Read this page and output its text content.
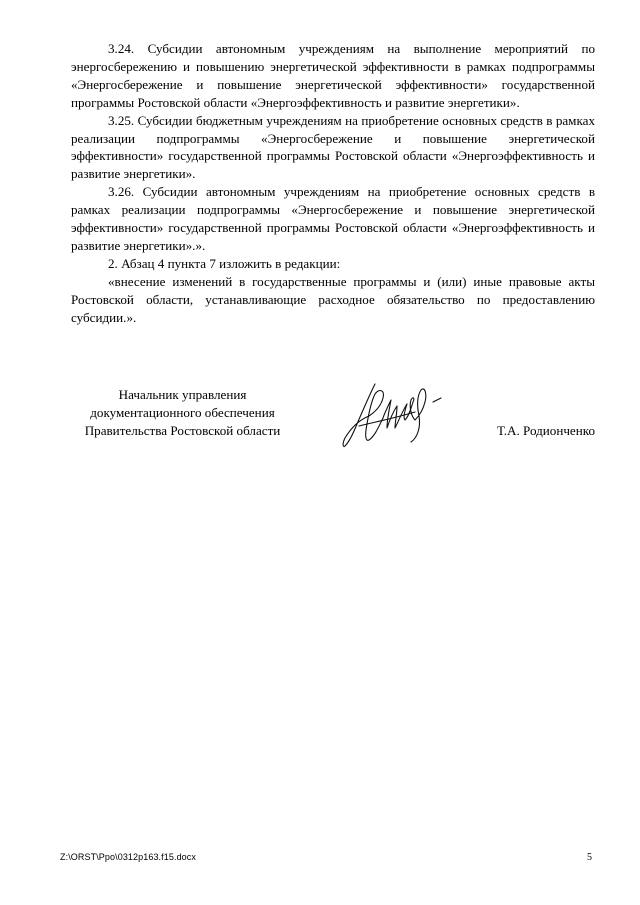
3.24. Субсидии автономным учреждениям на выполнение мероприятий по энергосбережению и повышению энергетической эффективности в рамках подпрограммы «Энергосбережение и повышение энергетической эффективности» государственной программы Ростовской области «Энергоэффективность и развитие энергетики».

3.25. Субсидии бюджетным учреждениям на приобретение основных средств в рамках реализации подпрограммы «Энергосбережение и повышение энергетической эффективности» государственной программы Ростовской области «Энергоэффективность и развитие энергетики».

3.26. Субсидии автономным учреждениям на приобретение основных средств в рамках реализации подпрограммы «Энергосбережение и повышение энергетической эффективности» государственной программы Ростовской области «Энергоэффективность и развитие энергетики».».

2. Абзац 4 пункта 7 изложить в редакции:

«внесение изменений в государственные программы и (или) иные правовые акты Ростовской области, устанавливающие расходное обязательство по предоставлению субсидии.».

Начальник управления
документационного обеспечения
Правительства Ростовской области	Т.А. Родионченко
Z:\ORST\Ppo\0312p163.f15.docx	5
